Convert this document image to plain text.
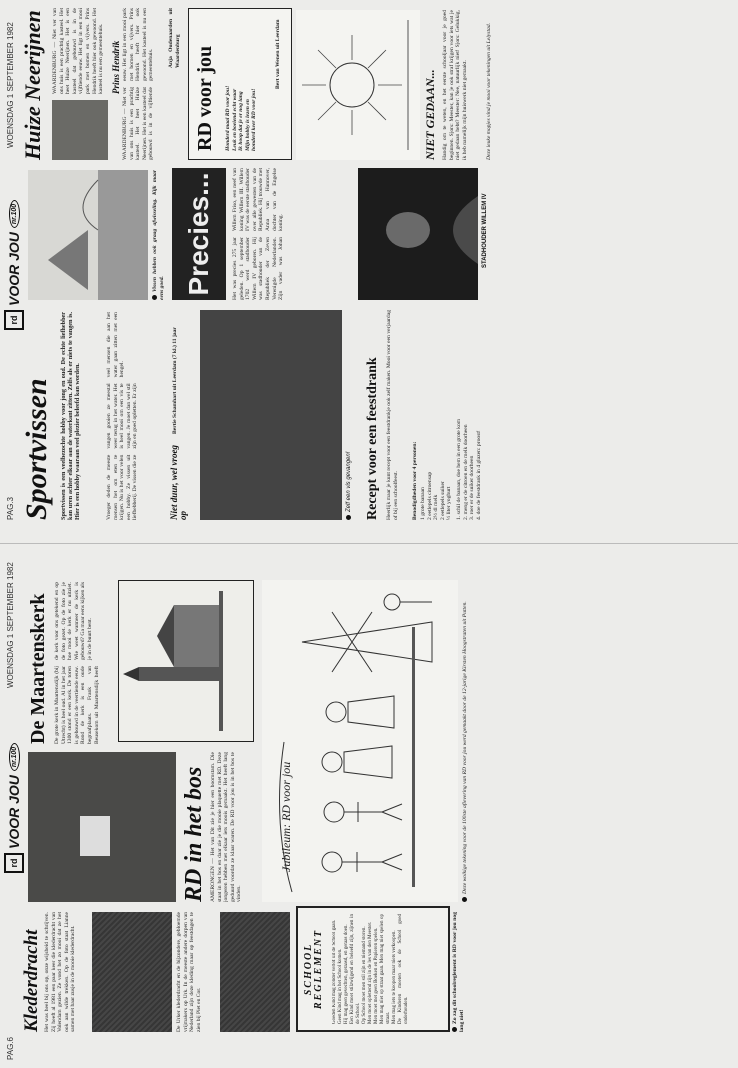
PAG.6
rd
VOOR JOU
nr.100
WOENSDAG 1 SEPTEMBER 1982
Klederdracht Het was heel bij ons op, onze wijsheid te schrijven. Zij heeft al 1981 een paar keer die klederdracht van Volendam gezien. Ze vond het zo mooi dat ze het ook aan wilde trekken. Op de foto staat Lianne samen met haar zusje in de mooie klederdracht.	De Urker klederdracht en de bijzondere, gebloemde vrijmakers op Urk. In de meeste andere dorpen van Nederland zijn deze kleding maar op feestdagen te zien bij Piet en Cor.
SCHOOL REGLEMENT Goeden Kind mag zonder verlof uit de School gaan. Geen Kind mag in het School komen. Hij mag geen gevechten, geraasd, en geraas doen. Een Kind moet stilzwijgend en beleefd zijn, zijnen in de School. Op School moet men stil zijn en niemand storen. Men moet oplettend zijn in de les van den Meester. Men moet met geen Boeken en Papieren spelen. Men mag niet op straat gaan. Men mag niet spelen op straat. Men mag iets te koopen maar niets verkoopen. De Kinderen moeten ook de School goed onderhouden.	Zo zag dit schoolreglement is RD voor jou nog lang niet!
RD in het bos AMERONGEN — Het van Dit zie je hier een boomstam. Die staat in het bos en daar zie je die mooie plaquette met RD. Deze jongeren hebben met elkaar iets moois gemaakt. Het heeft lang geduurd voordat ze klaar waren. De RD voor jou is in het bos te vinden.
De Maartenskerk De grote kerk in Maartensdijk (bij Utrecht) is heel oud. Al in het jaar 1300 stond er een kerk. De toren is gebouwd in de veertiende eeuw. Rond de kerk is een oude begraafplaats. Frank van Beusekom uit Maartensdijk heeft de kerk voor ons getekend en op de foto gezet. Op de foto zie je hoe mooi de kerk er nu uitziet. Wie weet wanneer de kerk is gebouwd? Ga maar eens kijken als je in de buurt bent.
Jubileum: RD voor jou	Deze wolkige tekening voor de 100ste aflevering van RD voor jou werd gemaakt door de 12-jarige Kirsten Hoogstraten uit Putten.
PAG.3
rd
VOOR JOU
nr.100
WOENSDAG 1 SEPTEMBER 1982
Sportvissen Sportvissen is een veelbezochte hobby voor jong en oud. De echte liefhebber kan uren achter elkaar aan de waterkant zitten. Zelfs als er niets te vangen is. Hier is een hobby waaraan veel plezier beleefd kan worden.	Vroeger deden de meeste mensen het om eten te krijgen. Nu is het voor velen een hobby. Ze vissen uit liefhebberij. De vissen die ze vangen gooien ze meestal weer terug in het water. Het is heel mooi om een vis te vangen. Je moet dan wel stil zijn en goed opletten. Er zijn veel mensen die aan het water gaan zitten met een hengel.
Niet duur, wel vroeg op
Bertie Schamhart uit Leerdam (7 kl.) 11 jaar
Zelf een vis gevangen! Recept voor een feestdrank Heerlijk maar je kunt recept voor een feestdrankje ook zelf maken. Mooi voor een verjaardag of bij een schoolfeest.	Benodigdheden voor 4 personen: 1 grote banaan 2 eetlepels citroensap 2½ dl melk 2 eetlepels suiker ½ liter yoghurt 1. schil de banaan, doe hem in een grote kom 2. meng er de citroen en de melk doorheen 3. roer er de suiker doorheen 4. doe de feestdrank in 4 glazen: proost!
Vissen hebben ook graag afwisseling. Kijk maar eens goed. Precies...	Het was precies 275 jaar geleden. Op 1 september 1702 werd stadhouder Willem IV geboren. Hij was stadhouder van de Republiek der Zeven Verenigde Nederlanden. Zijn vader was Johan Willem Friso, een neef van koning Willem III. Willem IV was de eerste stadhouder over alle gewesten van de Republiek. Hij trouwde met Anna van Hannover, dochter van de Engelse koning.	STADHOUDER WILLEM IV
Huize Neerijnen WAARDENBURG — Niet ver van ons huis is een prachtig kasteel. Het heet Huize Neerijnen. Het is een kasteel dat gebouwd is in de vijftiende eeuw. Het ligt in een mooi park met bomen en vijvers. Prins Hendrik heeft hier ook gewoond. Het kasteel is nu een gemeentehuis. Prins Hendrik
WAARDENBURG — Niet ver van ons huis is een prachtig kasteel. Het heet Huize Neerijnen. Het is een kasteel dat gebouwd is in de vijftiende eeuw. Het ligt in een mooi park met bomen en vijvers. Prins Hendrik heeft hier ook gewoond. Het kasteel is nu een gemeentehuis.	Anja Oudenaarden uit Waardenburg RD voor jou Honderd maal RD voor jou! Leuk en boeiend echt waar Ik hoop dat je er nog lang Mijn hobby is lezen en honderd keer RD voor jou!
Bert van Wenen uit Leerdam
NIET GEDAAN... Handig om te weten, en het eerste schooljaar voor je goed beginnen. Sjors: Meester, kan je ook straf krijgen voor iets wat je niet gedaan hebt? Meester: Nee, natuurlijk niet! Sjors: Gelukkig, ik heb namelijk mijn huiswerk niet gemaakt.	Deze leuke mopjes vind je mooi voor tekeningen uit Lelystad.
